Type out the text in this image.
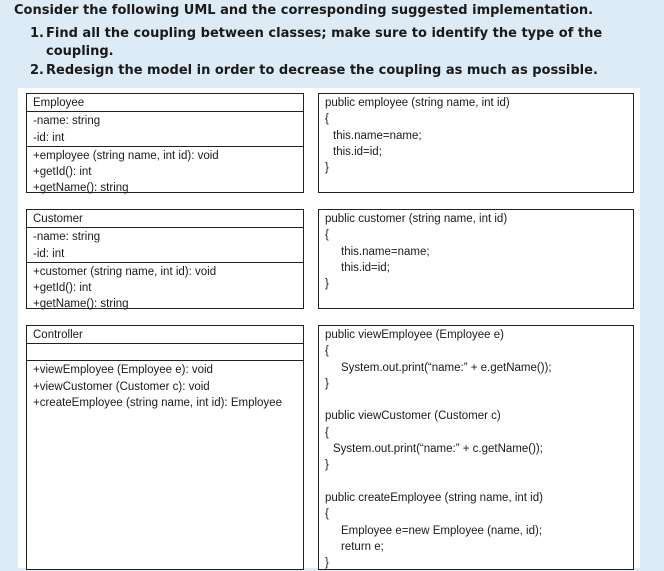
Consider the following UML and the corresponding suggested implementation.
1. Find all the coupling between classes; make sure to identify the type of the
coupling.
2. Redesign the model in order to decrease the coupling as much as possible.
Employee
-name: string
-id: int
+employee (string name, int id): void
+getId(): int
+getName(): string
public employee (string name, int id)
{
this.name=name;
this.id=id;
}
Customer
-name: string
-id: int
+customer (string name, int id): void
+getId(): int
+getName(): string
public customer (string name, int id)
{
this.name=name;
this.id=id;
}
Controller
+viewEmployee (Employee e): void
+viewCustomer (Customer c): void
+createEmployee (string name, int id): Employee
public viewEmployee (Employee e)
{
System.out.print(“name:” + e.getName());
}
public viewCustomer (Customer c)
{
System.out.print(“name:” + c.getName());
}
public createEmployee (string name, int id)
{
Employee e=new Employee (name, id);
return e;
}
